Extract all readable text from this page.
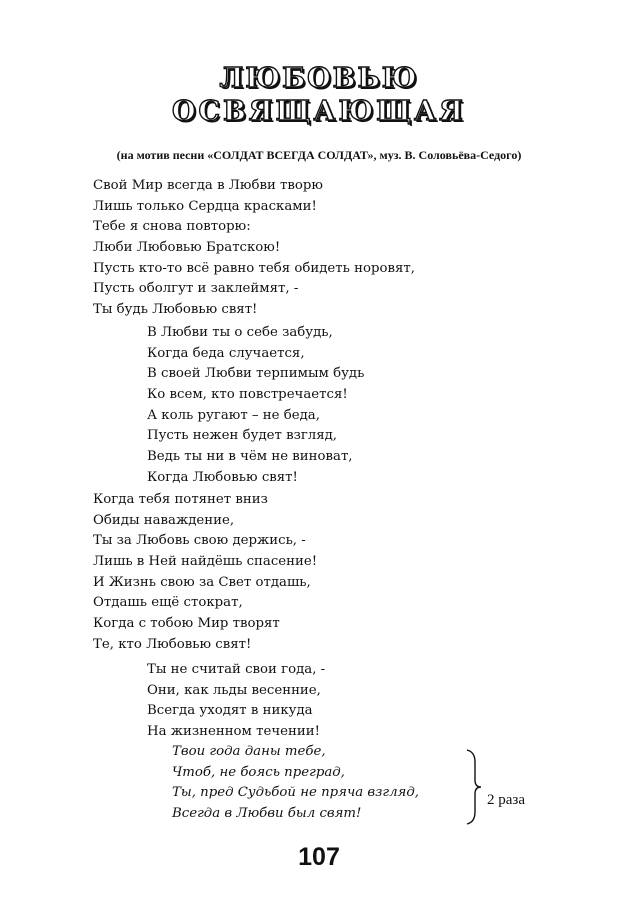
ЛЮБОВЬЮ
ОСВЯЩАЮЩАЯ
(на мотив песни «СОЛДАТ ВСЕГДА СОЛДАТ», муз. В. Соловьёва-Седого)
Свой Мир всегда в Любви творю
Лишь только Сердца красками!
Тебе я снова повторю:
Люби Любовью Братскою!
Пусть кто-то всё равно тебя обидеть норовят,
Пусть оболгут и заклеймят, -
Ты будь Любовью свят!
В Любви ты о себе забудь,
Когда беда случается,
В своей Любви терпимым будь
Ко всем, кто повстречается!
А коль ругают – не беда,
Пусть нежен будет взгляд,
Ведь ты ни в чём не виноват,
Когда Любовью свят!
Когда тебя потянет вниз
Обиды наваждение,
Ты за Любовь свою держись, -
Лишь в Ней найдёшь спасение!
И Жизнь свою за Свет отдашь,
Отдашь ещё стократ,
Когда с тобою Мир творят
Те, кто Любовью свят!
Ты не считай свои года, -
Они, как льды весенние,
Всегда уходят в никуда
На жизненном течении!
Твои года даны тебе,
Чтоб, не боясь преград,
Ты, пред Судьбой не пряча взгляд,
Всегда в Любви был свят!
2 раза
107
